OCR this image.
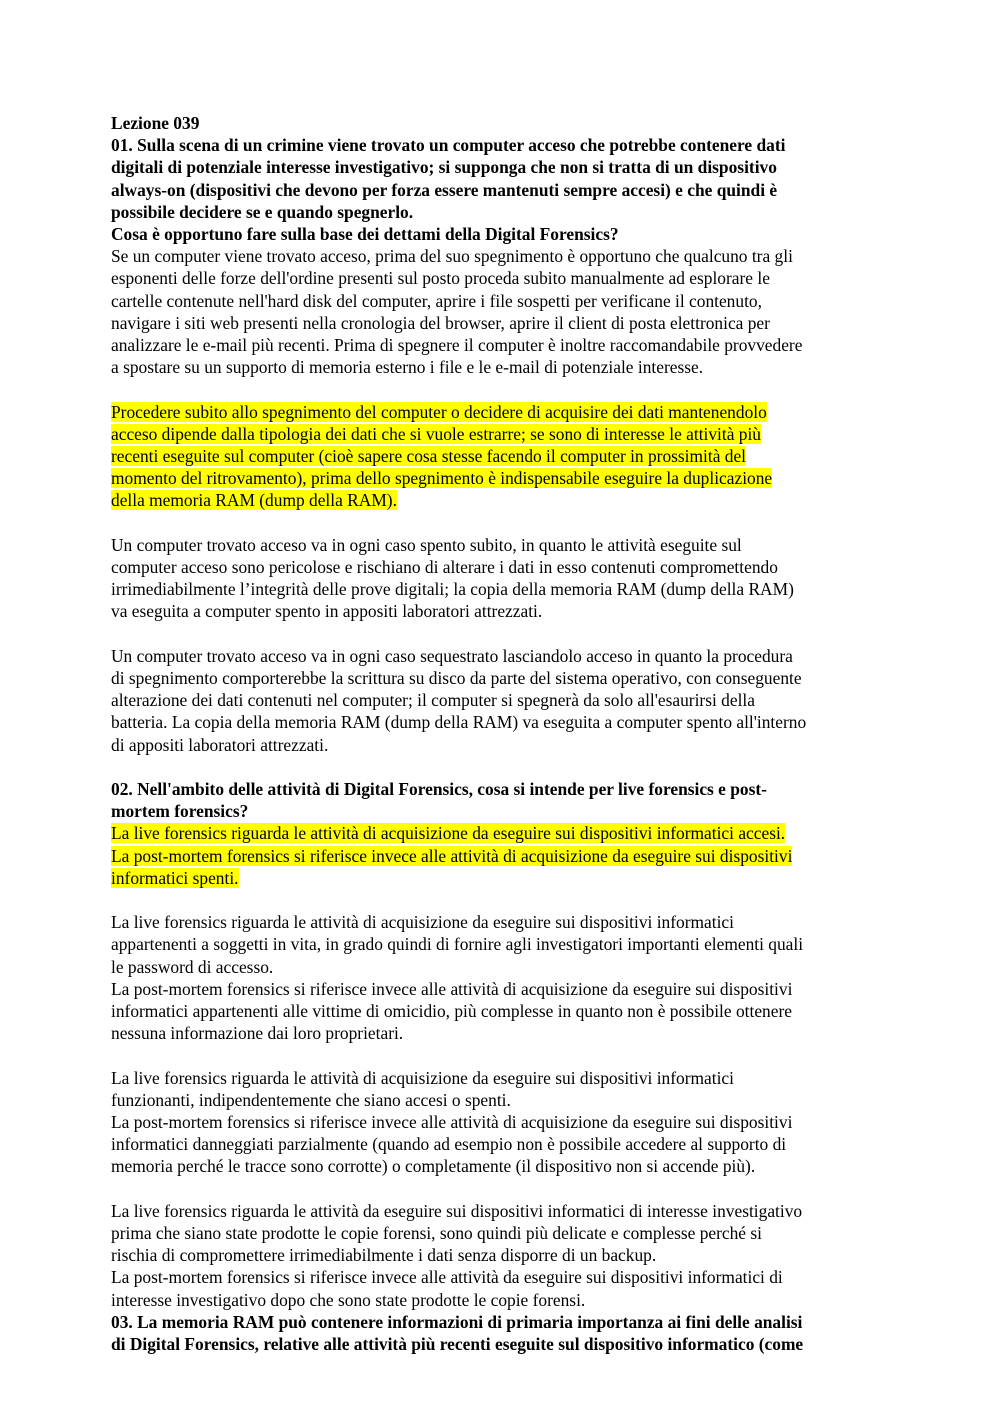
Lezione 039
01. Sulla scena di un crimine viene trovato un computer acceso che potrebbe contenere dati
digitali di potenziale interesse investigativo; si supponga che non si tratta di un dispositivo
always-on (dispositivi che devono per forza essere mantenuti sempre accesi) e che quindi è
possibile decidere se e quando spegnerlo.
Cosa è opportuno fare sulla base dei dettami della Digital Forensics?
Se un computer viene trovato acceso, prima del suo spegnimento è opportuno che qualcuno tra gli
esponenti delle forze dell'ordine presenti sul posto proceda subito manualmente ad esplorare le
cartelle contenute nell'hard disk del computer, aprire i file sospetti per verificane il contenuto,
navigare i siti web presenti nella cronologia del browser, aprire il client di posta elettronica per
analizzare le e-mail più recenti. Prima di spegnere il computer è inoltre raccomandabile provvedere
a spostare su un supporto di memoria esterno i file e le e-mail di potenziale interesse.
Procedere subito allo spegnimento del computer o decidere di acquisire dei dati mantenendolo
acceso dipende dalla tipologia dei dati che si vuole estrarre; se sono di interesse le attività più
recenti eseguite sul computer (cioè sapere cosa stesse facendo il computer in prossimità del
momento del ritrovamento), prima dello spegnimento è indispensabile eseguire la duplicazione
della memoria RAM (dump della RAM).
Un computer trovato acceso va in ogni caso spento subito, in quanto le attività eseguite sul
computer acceso sono pericolose e rischiano di alterare i dati in esso contenuti compromettendo
irrimediabilmente l’integrità delle prove digitali; la copia della memoria RAM (dump della RAM)
va eseguita a computer spento in appositi laboratori attrezzati.
Un computer trovato acceso va in ogni caso sequestrato lasciandolo acceso in quanto la procedura
di spegnimento comporterebbe la scrittura su disco da parte del sistema operativo, con conseguente
alterazione dei dati contenuti nel computer; il computer si spegnerà da solo all'esaurirsi della
batteria. La copia della memoria RAM (dump della RAM) va eseguita a computer spento all'interno
di appositi laboratori attrezzati.
02. Nell'ambito delle attività di Digital Forensics, cosa si intende per live forensics e post-
mortem forensics?
La live forensics riguarda le attività di acquisizione da eseguire sui dispositivi informatici accesi.
La post-mortem forensics si riferisce invece alle attività di acquisizione da eseguire sui dispositivi
informatici spenti.
La live forensics riguarda le attività di acquisizione da eseguire sui dispositivi informatici
appartenenti a soggetti in vita, in grado quindi di fornire agli investigatori importanti elementi quali
le password di accesso.
La post-mortem forensics si riferisce invece alle attività di acquisizione da eseguire sui dispositivi
informatici appartenenti alle vittime di omicidio, più complesse in quanto non è possibile ottenere
nessuna informazione dai loro proprietari.
La live forensics riguarda le attività di acquisizione da eseguire sui dispositivi informatici
funzionanti, indipendentemente che siano accesi o spenti.
La post-mortem forensics si riferisce invece alle attività di acquisizione da eseguire sui dispositivi
informatici danneggiati parzialmente (quando ad esempio non è possibile accedere al supporto di
memoria perché le tracce sono corrotte) o completamente (il dispositivo non si accende più).
La live forensics riguarda le attività da eseguire sui dispositivi informatici di interesse investigativo
prima che siano state prodotte le copie forensi, sono quindi più delicate e complesse perché si
rischia di compromettere irrimediabilmente i dati senza disporre di un backup.
La post-mortem forensics si riferisce invece alle attività da eseguire sui dispositivi informatici di
interesse investigativo dopo che sono state prodotte le copie forensi.
03. La memoria RAM può contenere informazioni di primaria importanza ai fini delle analisi
di Digital Forensics, relative alle attività più recenti eseguite sul dispositivo informatico (come
